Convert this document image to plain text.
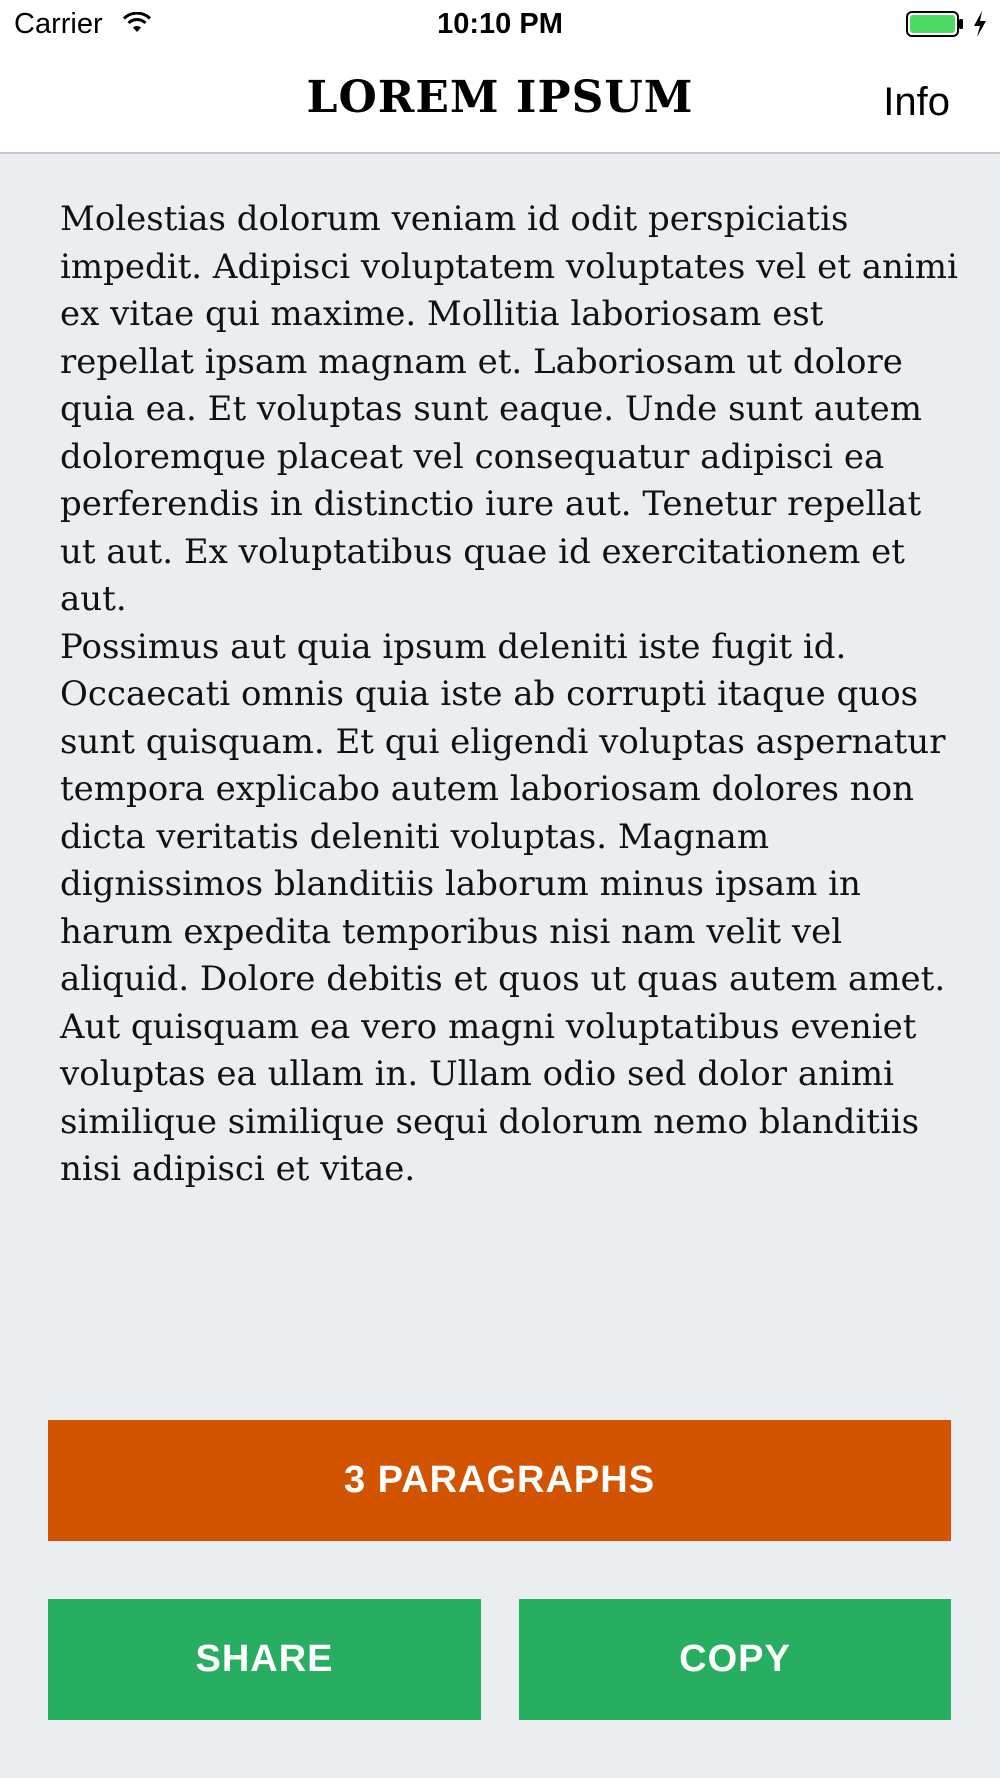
Carrier	10:10 PM
LOREM IPSUM	Info

Molestias dolorum veniam id odit perspiciatis impedit. Adipisci voluptatem voluptates vel et animi ex vitae qui maxime. Mollitia laboriosam est repellat ipsam magnam et. Laboriosam ut dolore quia ea. Et voluptas sunt eaque. Unde sunt autem doloremque placeat vel consequatur adipisci ea perferendis in distinctio iure aut. Tenetur repellat ut aut. Ex voluptatibus quae id exercitationem et aut.

Possimus aut quia ipsum deleniti iste fugit id. Occaecati omnis quia iste ab corrupti itaque quos sunt quisquam. Et qui eligendi voluptas aspernatur tempora explicabo autem laboriosam dolores non dicta veritatis deleniti voluptas. Magnam dignissimos blanditiis laborum minus ipsam in harum expedita temporibus nisi nam velit vel aliquid. Dolore debitis et quos ut quas autem amet. Aut quisquam ea vero magni voluptatibus eveniet voluptas ea ullam in. Ullam odio sed dolor animi similique similique sequi dolorum nemo blanditiis nisi adipisci et vitae.

3 PARAGRAPHS
SHARE	COPY
